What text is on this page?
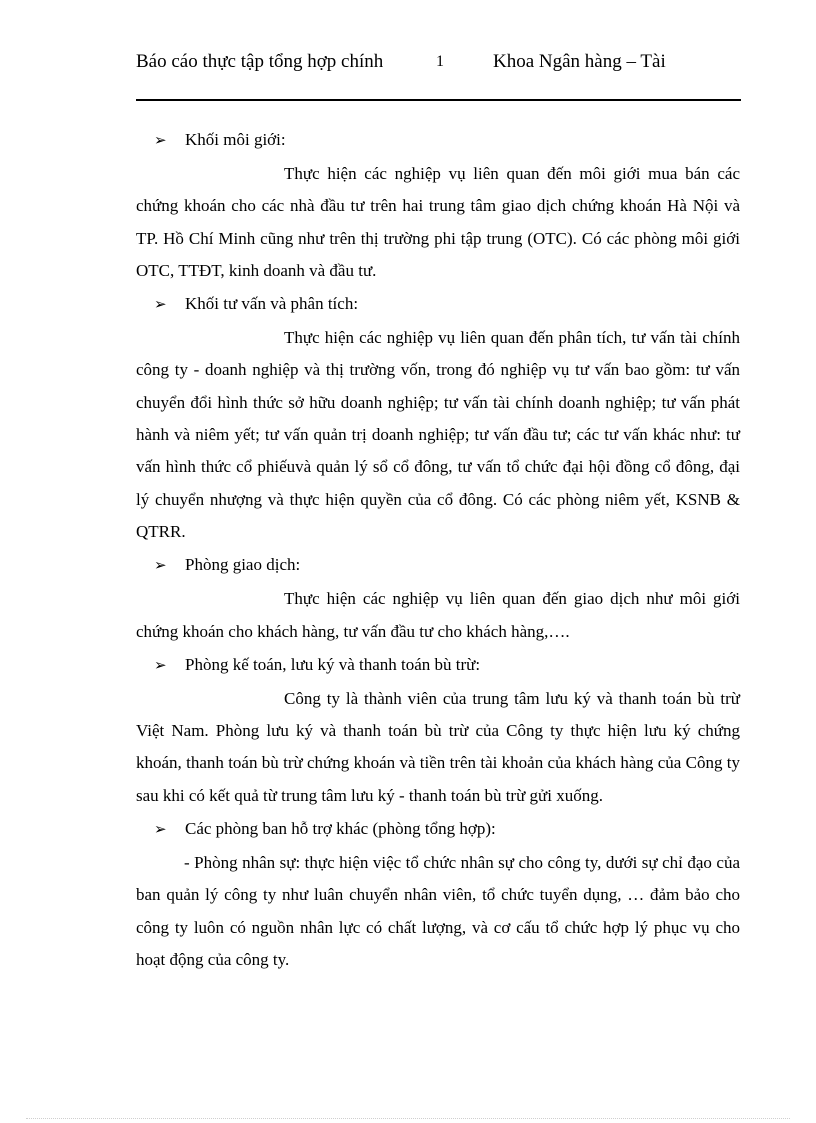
Báo cáo thực tập tổng hợp chính	1	Khoa Ngân hàng – Tài
➢ Khối môi giới:

Thực hiện các nghiệp vụ liên quan đến môi giới mua bán các chứng khoán cho các nhà đầu tư trên hai trung tâm giao dịch chứng khoán Hà Nội và TP. Hồ Chí Minh cũng như trên thị trường phi tập trung (OTC). Có các phòng môi giới OTC, TTĐT, kinh doanh và đầu tư.

➢ Khối tư vấn và phân tích:

Thực hiện các nghiệp vụ liên quan đến phân tích, tư vấn tài chính công ty - doanh nghiệp và thị trường vốn, trong đó nghiệp vụ tư vấn bao gồm: tư vấn chuyển đổi hình thức sở hữu doanh nghiệp; tư vấn tài chính doanh nghiệp; tư vấn phát hành và niêm yết; tư vấn quản trị doanh nghiệp; tư vấn đầu tư; các tư vấn khác như: tư vấn hình thức cổ phiếuvà quản lý sổ cổ đông, tư vấn tổ chức đại hội đồng cổ đông, đại lý chuyển nhượng và thực hiện quyền của cổ đông. Có các phòng niêm yết, KSNB & QTRR.

➢ Phòng giao dịch:

Thực hiện các nghiệp vụ liên quan đến giao dịch như môi giới chứng khoán cho khách hàng, tư vấn đầu tư cho khách hàng,….

➢ Phòng kế toán, lưu ký và thanh toán bù trừ:

Công ty là thành viên của trung tâm lưu ký và thanh toán bù trừ Việt Nam. Phòng lưu ký và thanh toán bù trừ của Công ty thực hiện lưu ký chứng khoán, thanh toán bù trừ chứng khoán và tiền trên tài khoản của khách hàng của Công ty sau khi có kết quả từ trung tâm lưu ký - thanh toán bù trừ gửi xuống.

➢ Các phòng ban hỗ trợ khác (phòng tổng hợp):

- Phòng nhân sự: thực hiện việc tổ chức nhân sự cho công ty, dưới sự chỉ đạo của ban quản lý công ty như luân chuyển nhân viên, tổ chức tuyển dụng, … đảm bảo cho công ty luôn có nguồn nhân lực có chất lượng, và cơ cấu tổ chức hợp lý phục vụ cho hoạt động của công ty.
